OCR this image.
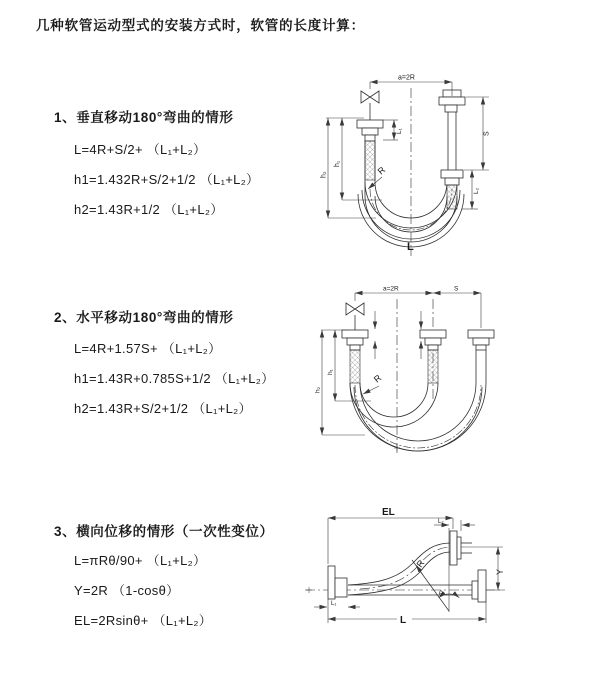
几种软管运动型式的安装方式时，软管的长度计算：
1、垂直移动180°弯曲的情形
L=4R+S/2+ （L₁+L₂）
h1=1.432R+S/2+1/2 （L₁+L₂）
h2=1.43R+1/2 （L₁+L₂）
2、水平移动180°弯曲的情形
L=4R+1.57S+ （L₁+L₂）
h1=1.43R+0.785S+1/2 （L₁+L₂）
h2=1.43R+S/2+1/2 （L₁+L₂）
3、横向位移的情形（一次性变位）
L=πRθ/90+ （L₁+L₂）
Y=2R （1-cosθ）
EL=2Rsinθ+ （L₁+L₂）
a=2R
h₁
h₂
L₁	S
L₂
R
L
a=2R	S
h₁
h₂
R
EL
L₂
Y
L₁
R
θ
L
